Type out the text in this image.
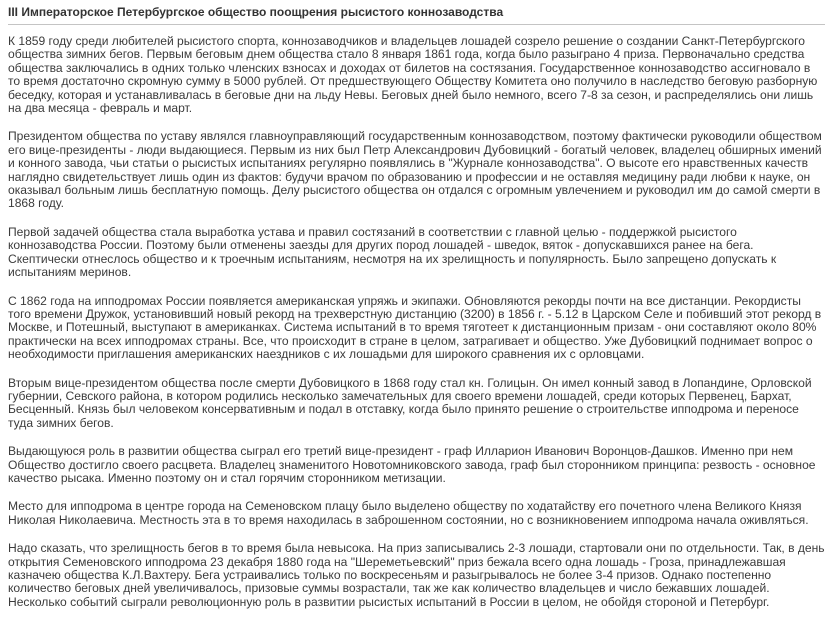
III Императорское Петербургское общество поощрения рысистого коннозаводства

К 1859 году среди любителей рысистого спорта, коннозаводчиков и владельцев лошадей созрело решение о создании Санкт-Петербургского общества зимних бегов. Первым беговым днем общества стало 8 января 1861 года, когда было разыграно 4 приза. Первоначально средства общества заключались в одних только членских взносах и доходах от билетов на состязания. Государственное коннозаводство ассигновало в то время достаточно скромную сумму в 5000 рублей. От предшествующего Обществу Комитета оно получило в наследство беговую разборную беседку, которая и устанавливалась в беговые дни на льду Невы. Беговых дней было немного, всего 7-8 за сезон, и распределялись они лишь на два месяца - февраль и март.

Президентом общества по уставу являлся главноуправляющий государственным коннозаводством, поэтому фактически руководили обществом его вице-президенты - люди выдающиеся. Первым из них был Петр Александрович Дубовицкий - богатый человек, владелец обширных имений и конного завода, чьи статьи о рысистых испытаниях регулярно появлялись в "Журнале коннозаводства". О высоте его нравственных качеств наглядно свидетельствует лишь один из фактов: будучи врачом по образованию и профессии и не оставляя медицину ради любви к науке, он оказывал больным лишь бесплатную помощь. Делу рысистого общества он отдался с огромным увлечением и руководил им до самой смерти в 1868 году.

Первой задачей общества стала выработка устава и правил состязаний в соответствии с главной целью - поддержкой рысистого коннозаводства России. Поэтому были отменены заезды для других пород лошадей - шведок, вяток - допускавшихся ранее на бега. Скептически отнеслось общество и к троечным испытаниям, несмотря на их зрелищность и популярность. Было запрещено допускать к испытаниям меринов.

С 1862 года на ипподромах России появляется американская упряжь и экипажи. Обновляются рекорды почти на все дистанции. Рекордисты того времени Дружок, установивший новый рекорд на трехверстную дистанцию (3200) в 1856 г. - 5.12 в Царском Селе и побивший этот рекорд в Москве, и Потешный, выступают в американках. Система испытаний в то время тяготеет к дистанционным призам - они составляют около 80% практически на всех ипподромах страны. Все, что происходит в стране в целом, затрагивает и общество. Уже Дубовицкий поднимает вопрос о необходимости приглашения американских наездников с их лошадьми для широкого сравнения их с орловцами.

Вторым вице-президентом общества после смерти Дубовицкого в 1868 году стал кн. Голицын. Он имел конный завод в Лопандине, Орловской губернии, Севского района, в котором родились несколько замечательных для своего времени лошадей, среди которых Первенец, Бархат, Бесценный. Князь был человеком консервативным и подал в отставку, когда было принято решение о строительстве ипподрома и переносе туда зимних бегов.

Выдающуюся роль в развитии общества сыграл его третий вице-президент - граф Илларион Иванович Воронцов-Дашков. Именно при нем Общество достигло своего расцвета. Владелец знаменитого Новотомниковского завода, граф был сторонником принципа: резвость - основное качество рысака. Именно поэтому он и стал горячим сторонником метизации.

Место для ипподрома в центре города на Семеновском плацу было выделено обществу по ходатайству его почетного члена Великого Князя Николая Николаевича. Местность эта в то время находилась в заброшенном состоянии, но с возникновением ипподрома начала оживляться.

Надо сказать, что зрелищность бегов в то время была невысока. На приз записывались 2-3 лошади, стартовали они по отдельности. Так, в день открытия Семеновского ипподрома 23 декабря 1880 года на "Шереметьевский" приз бежала всего одна лошадь - Гроза, принадлежавшая казначею общества К.Л.Вахтеру. Бега устраивались только по воскресеньям и разыгрывалось не более 3-4 призов. Однако постепенно количество беговых дней увеличивалось, призовые суммы возрастали, так же как количество владельцев и число бежавших лошадей. Несколько событий сыграли революционную роль в развитии рысистых испытаний в России в целом, не обойдя стороной и Петербург.
